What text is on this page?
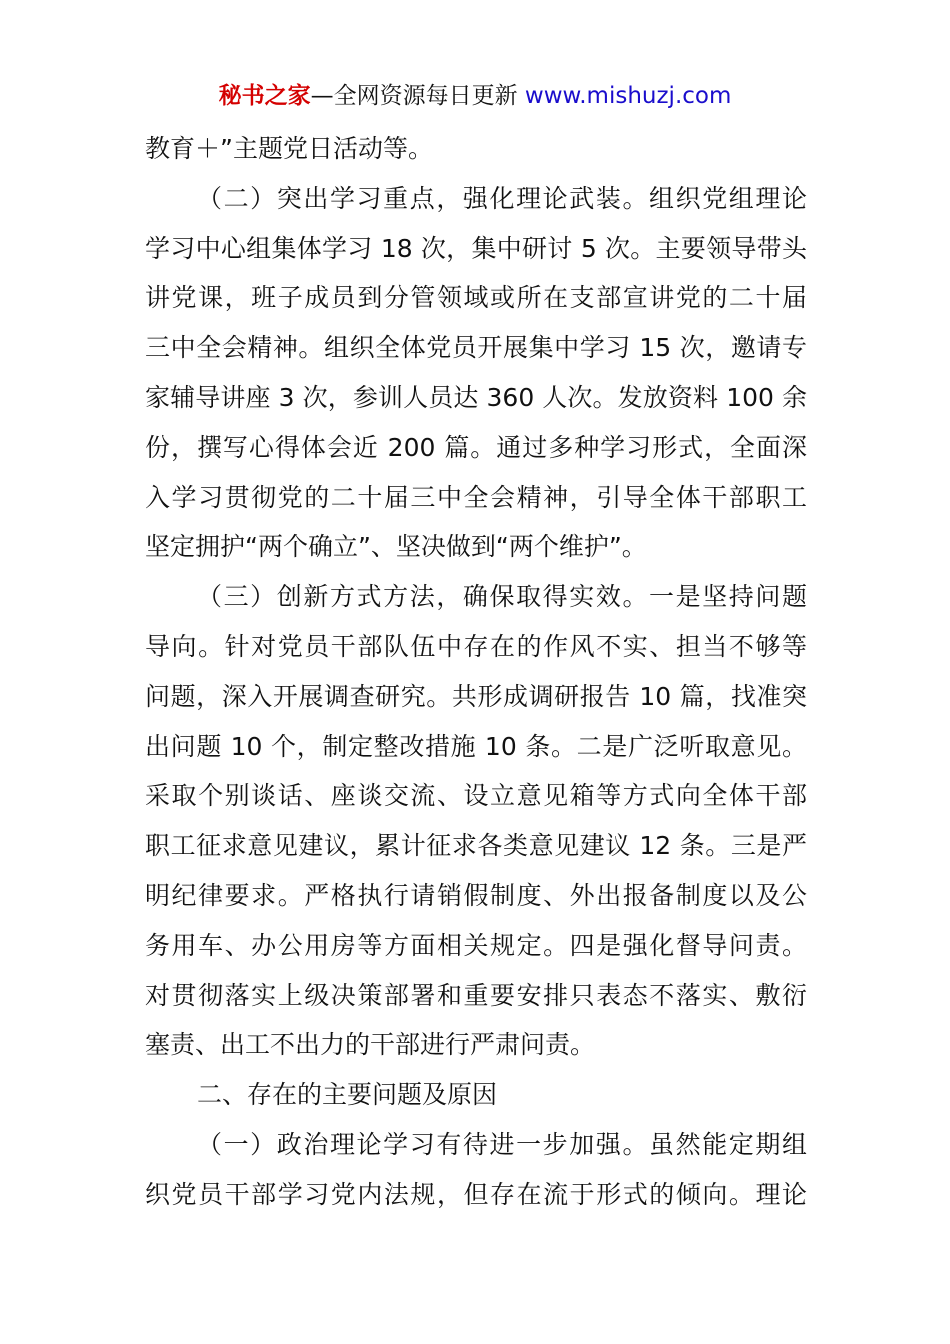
秘书之家—全网资源每日更新 www.mishuzj.com
教育＋”主题党日活动等。
（二）突出学习重点，强化理论武装。组织党组理论
学习中心组集体学习 18 次，集中研讨 5 次。主要领导带头
讲党课，班子成员到分管领域或所在支部宣讲党的二十届
三中全会精神。组织全体党员开展集中学习 15 次，邀请专
家辅导讲座 3 次，参训人员达 360 人次。发放资料 100 余
份，撰写心得体会近 200 篇。通过多种学习形式，全面深
入学习贯彻党的二十届三中全会精神，引导全体干部职工
坚定拥护“两个确立”、坚决做到“两个维护”。
（三）创新方式方法，确保取得实效。一是坚持问题
导向。针对党员干部队伍中存在的作风不实、担当不够等
问题，深入开展调查研究。共形成调研报告 10 篇，找准突
出问题 10 个，制定整改措施 10 条。二是广泛听取意见。
采取个别谈话、座谈交流、设立意见箱等方式向全体干部
职工征求意见建议，累计征求各类意见建议 12 条。三是严
明纪律要求。严格执行请销假制度、外出报备制度以及公
务用车、办公用房等方面相关规定。四是强化督导问责。
对贯彻落实上级决策部署和重要安排只表态不落实、敷衍
塞责、出工不出力的干部进行严肃问责。
二、存在的主要问题及原因
（一）政治理论学习有待进一步加强。虽然能定期组
织党员干部学习党内法规，但存在流于形式的倾向。理论
